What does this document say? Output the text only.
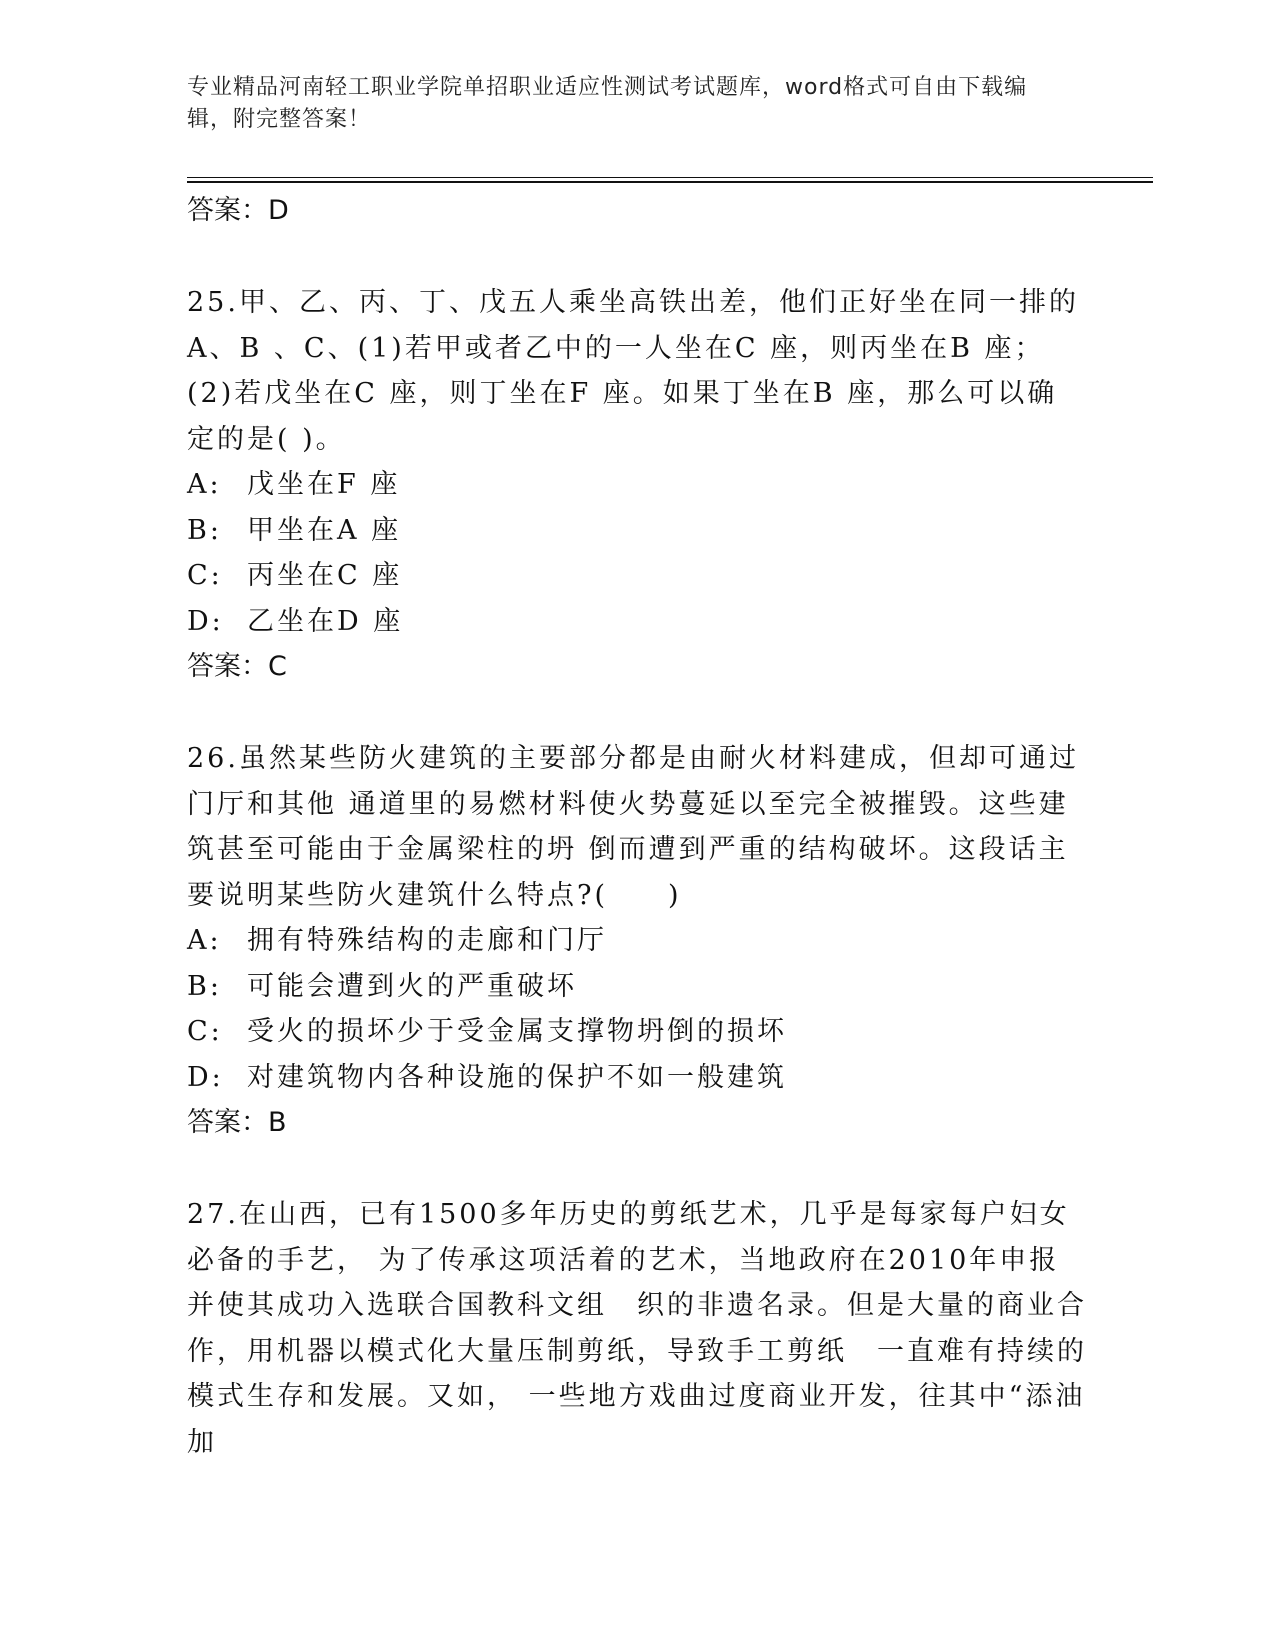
专业精品河南轻工职业学院单招职业适应性测试考试题库，word格式可自由下载编辑，附完整答案！
答案：D
25.甲、乙、丙、丁、戊五人乘坐高铁出差，他们正好坐在同一排的A、B 、C、(1)若甲或者乙中的一人坐在C 座，则丙坐在B 座；(2)若戊坐在C 座，则丁坐在F 座。如果丁坐在B 座，那么可以确定的是( )。
A: 戊坐在F 座
B: 甲坐在A 座
C: 丙坐在C 座
D: 乙坐在D 座
答案：C
26.虽然某些防火建筑的主要部分都是由耐火材料建成，但却可通过门厅和其他 通道里的易燃材料使火势蔓延以至完全被摧毁。这些建筑甚至可能由于金属梁柱的坍 倒而遭到严重的结构破坏。这段话主要说明某些防火建筑什么特点?(　　)
A: 拥有特殊结构的走廊和门厅
B: 可能会遭到火的严重破坏
C: 受火的损坏少于受金属支撑物坍倒的损坏
D: 对建筑物内各种设施的保护不如一般建筑
答案：B
27.在山西，已有1500多年历史的剪纸艺术，几乎是每家每户妇女必备的手艺， 为了传承这项活着的艺术，当地政府在2010年申报并使其成功入选联合国教科文组　织的非遗名录。但是大量的商业合作，用机器以模式化大量压制剪纸，导致手工剪纸　一直难有持续的模式生存和发展。又如， 一些地方戏曲过度商业开发，往其中“添油　加
